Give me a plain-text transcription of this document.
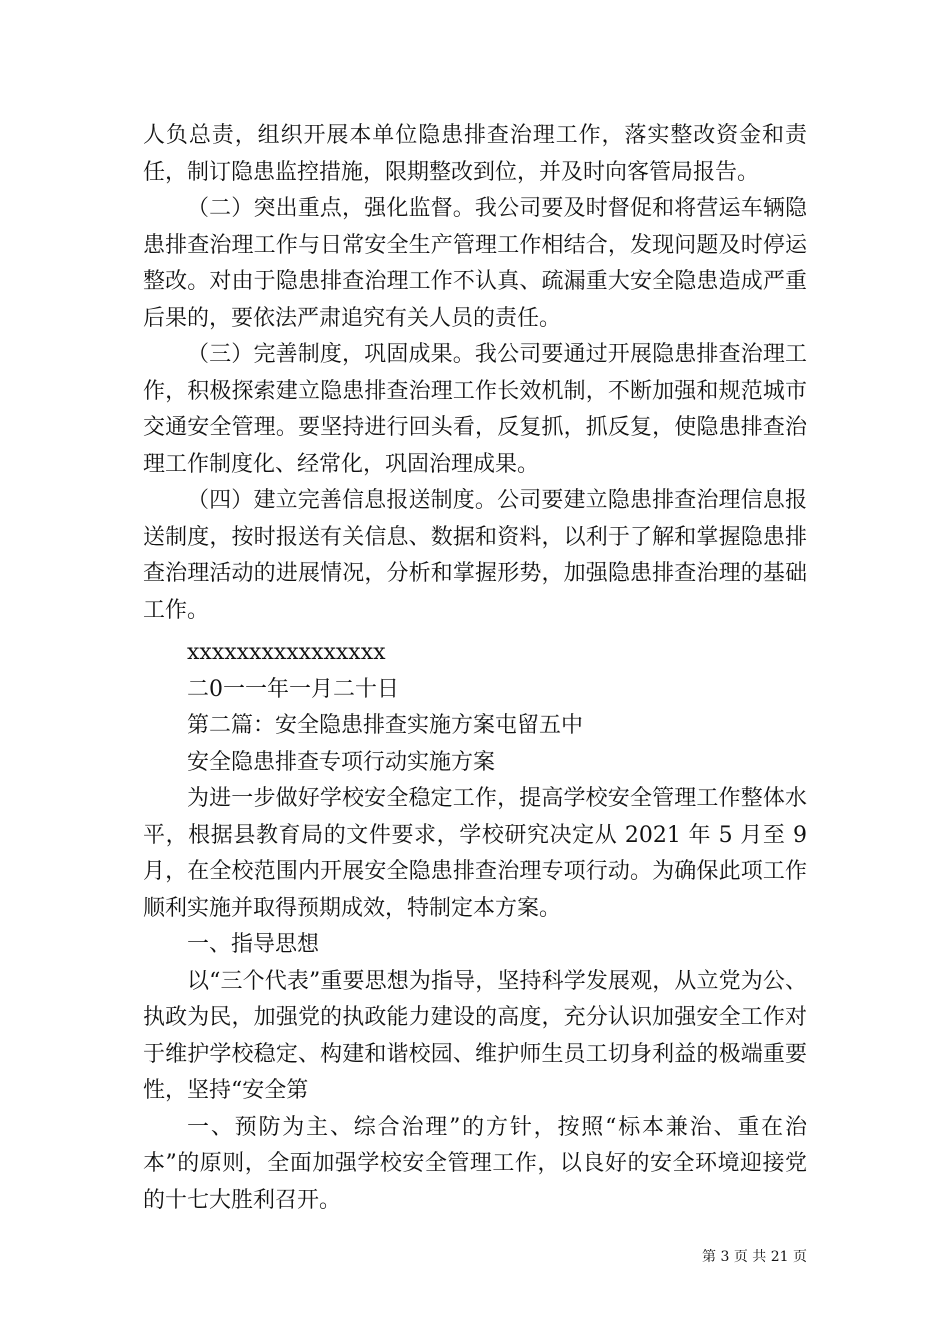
人负总责，组织开展本单位隐患排查治理工作，落实整改资金和责任，制订隐患监控措施，限期整改到位，并及时向客管局报告。

（二）突出重点，强化监督。我公司要及时督促和将营运车辆隐患排查治理工作与日常安全生产管理工作相结合，发现问题及时停运整改。对由于隐患排查治理工作不认真、疏漏重大安全隐患造成严重后果的，要依法严肃追究有关人员的责任。

（三）完善制度，巩固成果。我公司要通过开展隐患排查治理工作，积极探索建立隐患排查治理工作长效机制，不断加强和规范城市交通安全管理。要坚持进行回头看，反复抓，抓反复，使隐患排查治理工作制度化、经常化，巩固治理成果。

（四）建立完善信息报送制度。公司要建立隐患排查治理信息报送制度，按时报送有关信息、数据和资料，以利于了解和掌握隐患排查治理活动的进展情况，分析和掌握形势，加强隐患排查治理的基础工作。

xxxxxxxxxxxxxxxx

二0一一年一月二十日

第二篇：安全隐患排查实施方案屯留五中

安全隐患排查专项行动实施方案

为进一步做好学校安全稳定工作，提高学校安全管理工作整体水平，根据县教育局的文件要求，学校研究决定从 2021 年 5 月至 9 月，在全校范围内开展安全隐患排查治理专项行动。为确保此项工作顺利实施并取得预期成效，特制定本方案。

一、指导思想

以“三个代表”重要思想为指导，坚持科学发展观，从立党为公、执政为民，加强党的执政能力建设的高度，充分认识加强安全工作对于维护学校稳定、构建和谐校园、维护师生员工切身利益的极端重要性，坚持“安全第

一、预防为主、综合治理”的方针，按照“标本兼治、重在治本”的原则，全面加强学校安全管理工作，以良好的安全环境迎接党的十七大胜利召开。

第 3 页 共 21 页
